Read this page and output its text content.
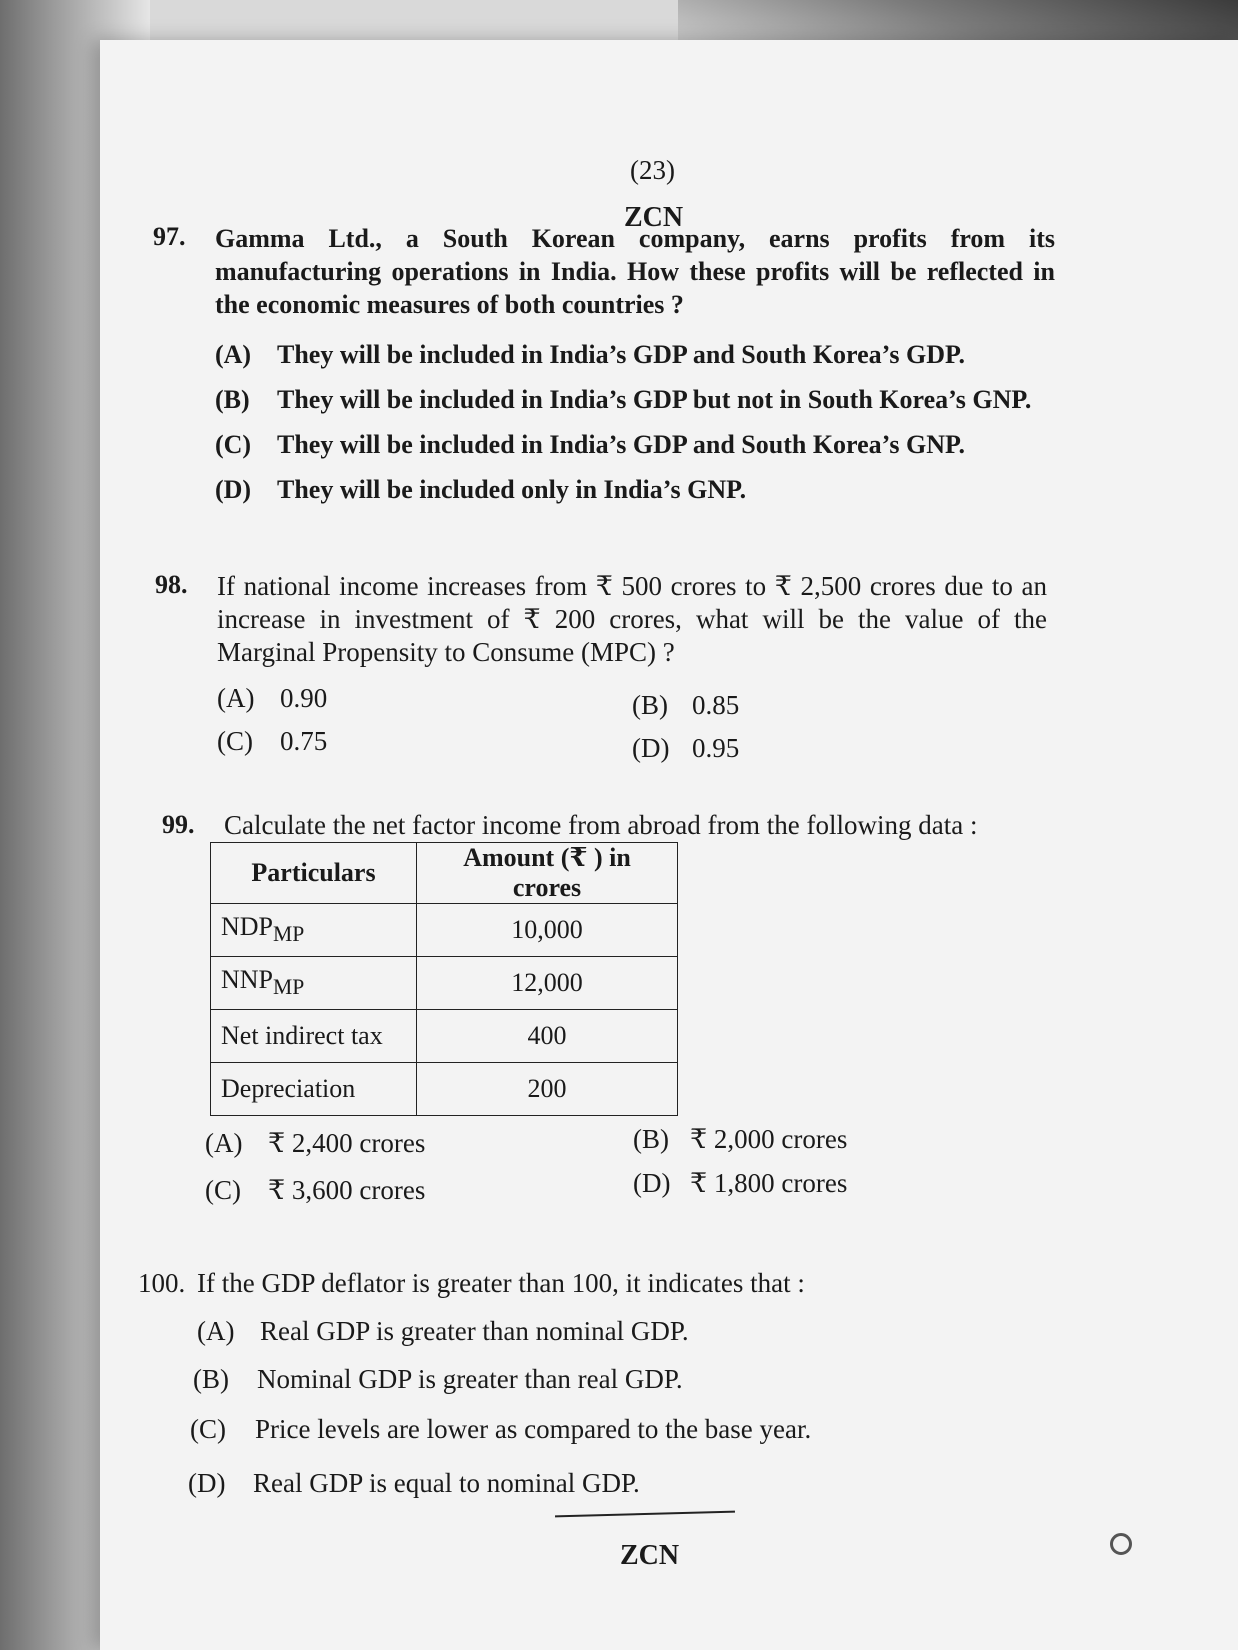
(23)
ZCN
97. Gamma Ltd., a South Korean company, earns profits from its manufacturing operations in India. How these profits will be reflected in the economic measures of both countries ?
(A) They will be included in India’s GDP and South Korea’s GDP.
(B) They will be included in India’s GDP but not in South Korea’s GNP.
(C) They will be included in India’s GDP and South Korea’s GNP.
(D) They will be included only in India’s GNP.
98. If national income increases from ₹ 500 crores to ₹ 2,500 crores due to an increase in investment of ₹ 200 crores, what will be the value of the Marginal Propensity to Consume (MPC) ?
(A) 0.90	(B) 0.85
(C) 0.75	(D) 0.95
99. Calculate the net factor income from abroad from the following data :
Particulars	Amount (₹ ) in crores
$NDP_{MP}$	10,000
$NNP_{MP}$	12,000
Net indirect tax	400
Depreciation	200
(A) ₹ 2,400 crores	(B) ₹ 2,000 crores
(C) ₹ 3,600 crores	(D) ₹ 1,800 crores
100. If the GDP deflator is greater than 100, it indicates that :
(A) Real GDP is greater than nominal GDP.
(B) Nominal GDP is greater than real GDP.
(C) Price levels are lower as compared to the base year.
(D) Real GDP is equal to nominal GDP.
ZCN
